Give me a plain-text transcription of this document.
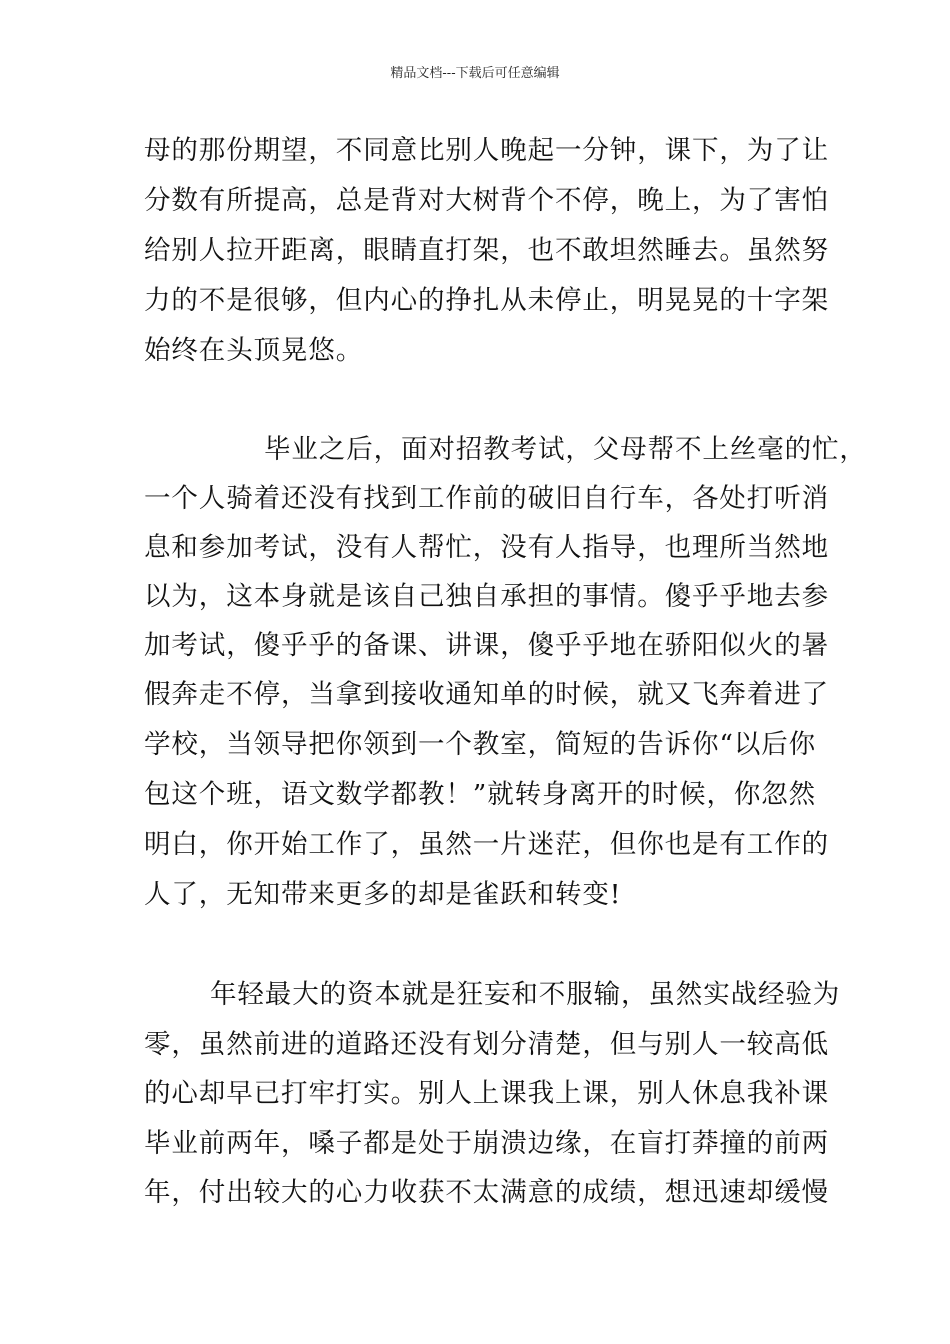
精品文档---下载后可任意编辑
母的那份期望，不同意比别人晚起一分钟，课下，为了让
分数有所提高，总是背对大树背个不停，晚上，为了害怕
给别人拉开距离，眼睛直打架，也不敢坦然睡去。虽然努
力的不是很够，但内心的挣扎从未停止，明晃晃的十字架
始终在头顶晃悠。
毕业之后，面对招教考试，父母帮不上丝毫的忙，
一个人骑着还没有找到工作前的破旧自行车，各处打听消
息和参加考试，没有人帮忙，没有人指导，也理所当然地
以为，这本身就是该自己独自承担的事情。傻乎乎地去参
加考试，傻乎乎的备课、讲课，傻乎乎地在骄阳似火的暑
假奔走不停，当拿到接收通知单的时候，就又飞奔着进了
学校，当领导把你领到一个教室，简短的告诉你“以后你
包这个班，语文数学都教！”就转身离开的时候，你忽然
明白，你开始工作了，虽然一片迷茫，但你也是有工作的
人了，无知带来更多的却是雀跃和转变!
年轻最大的资本就是狂妄和不服输，虽然实战经验为
零，虽然前进的道路还没有划分清楚，但与别人一较高低
的心却早已打牢打实。别人上课我上课，别人休息我补课
毕业前两年，嗓子都是处于崩溃边缘，在盲打莽撞的前两
年，付出较大的心力收获不太满意的成绩，想迅速却缓慢
